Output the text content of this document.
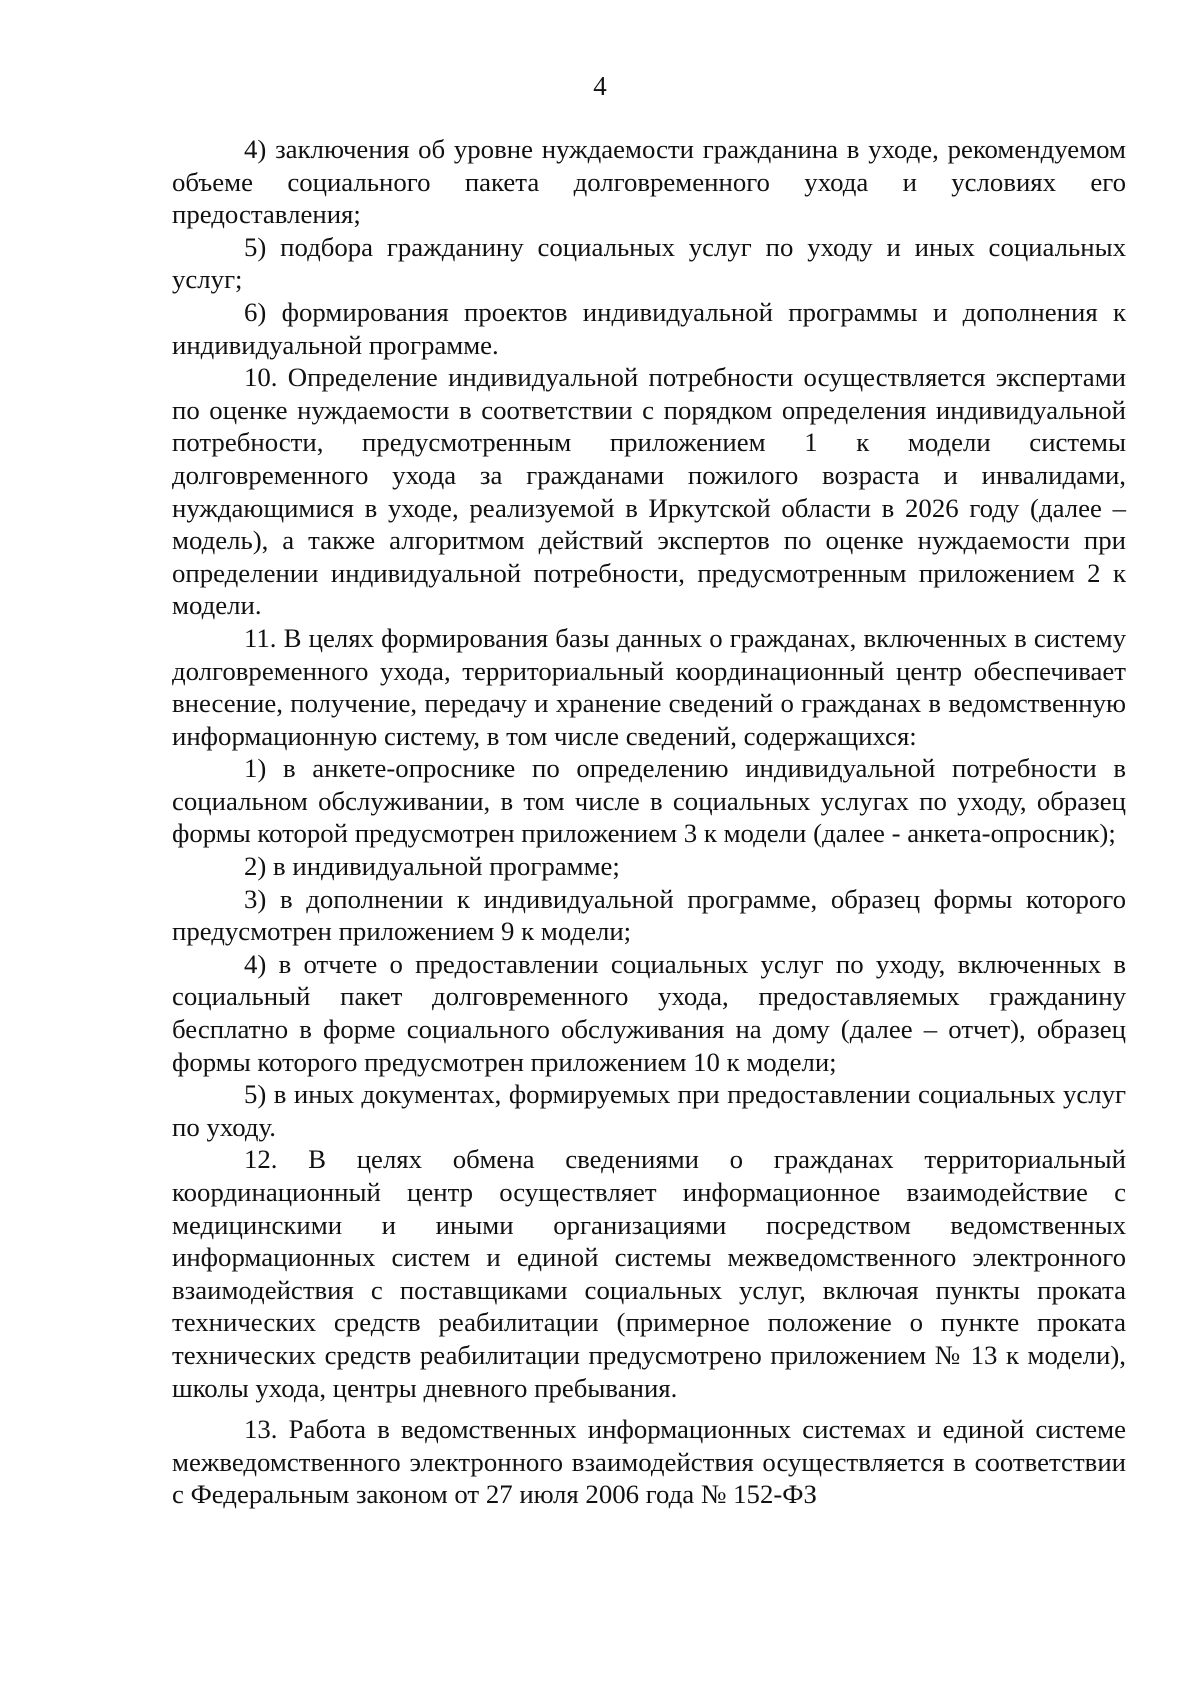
4

4) заключения об уровне нуждаемости гражданина в уходе, рекомендуемом объеме социального пакета долговременного ухода и условиях его предоставления;

5) подбора гражданину социальных услуг по уходу и иных социальных услуг;

6) формирования проектов индивидуальной программы и дополнения к индивидуальной программе.

10. Определение индивидуальной потребности осуществляется экспертами по оценке нуждаемости в соответствии с порядком определения индивидуальной потребности, предусмотренным приложением 1 к модели системы долговременного ухода за гражданами пожилого возраста и инвалидами, нуждающимися в уходе, реализуемой в Иркутской области в 2026 году (далее – модель), а также алгоритмом действий экспертов по оценке нуждаемости при определении индивидуальной потребности, предусмотренным приложением 2 к модели.

11. В целях формирования базы данных о гражданах, включенных в систему долговременного ухода, территориальный координационный центр обеспечивает внесение, получение, передачу и хранение сведений о гражданах в ведомственную информационную систему, в том числе сведений, содержащихся:

1) в анкете-опроснике по определению индивидуальной потребности в социальном обслуживании, в том числе в социальных услугах по уходу, образец формы которой предусмотрен приложением 3 к модели (далее - анкета-опросник);

2) в индивидуальной программе;

3) в дополнении к индивидуальной программе, образец формы которого предусмотрен приложением 9 к модели;

4) в отчете о предоставлении социальных услуг по уходу, включенных в социальный пакет долговременного ухода, предоставляемых гражданину бесплатно в форме социального обслуживания на дому (далее – отчет), образец формы которого предусмотрен приложением 10 к модели;

5) в иных документах, формируемых при предоставлении социальных услуг по уходу.

12. В целях обмена сведениями о гражданах территориальный координационный центр осуществляет информационное взаимодействие с медицинскими и иными организациями посредством ведомственных информационных систем и единой системы межведомственного электронного взаимодействия с поставщиками социальных услуг, включая пункты проката технических средств реабилитации (примерное положение о пункте проката технических средств реабилитации предусмотрено приложением № 13 к модели), школы ухода, центры дневного пребывания.

13. Работа в ведомственных информационных системах и единой системе межведомственного электронного взаимодействия осуществляется в соответствии с Федеральным законом от 27 июля 2006 года № 152-ФЗ
